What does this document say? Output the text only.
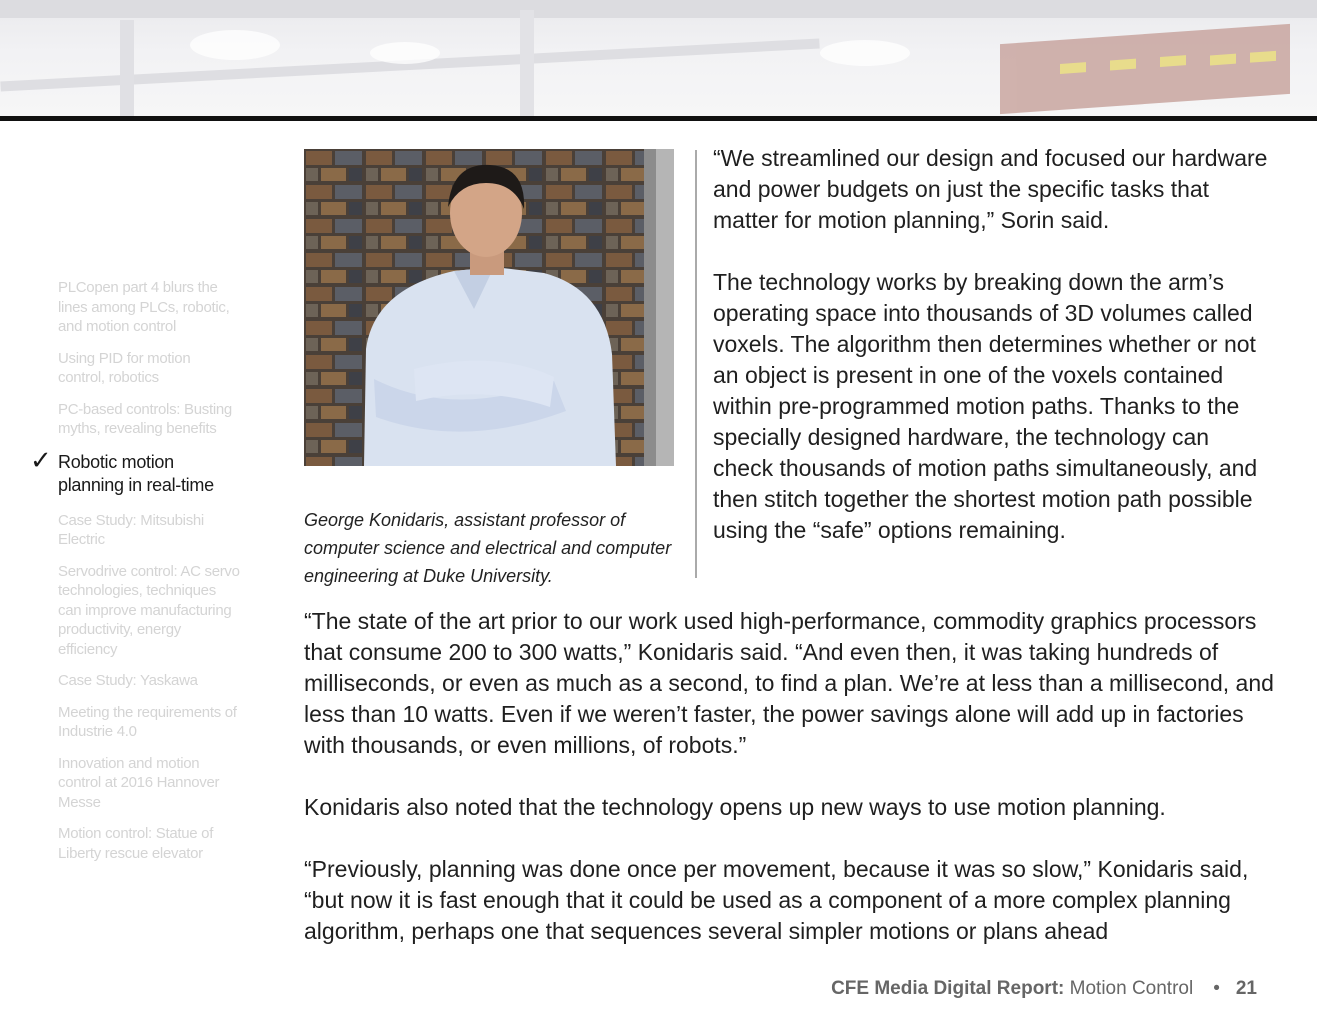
PLCopen part 4 blurs the lines among PLCs, robotic, and motion control
Using PID for motion control, robotics
PC-based controls: Busting myths, revealing benefits
✓ Robotic motion planning in real-time
Case Study: Mitsubishi Electric
Servodrive control: AC servo technologies, techniques can improve manufacturing productivity, energy efficiency
Case Study: Yaskawa
Meeting the requirements of Industrie 4.0
Innovation and motion control at 2016 Hannover Messe
Motion control: Statue of Liberty rescue elevator

George Konidaris, assistant professor of computer science and electrical and computer engineering at Duke University.

“We streamlined our design and focused our hardware and power budgets on just the specific tasks that matter for motion planning,” Sorin said.

The technology works by breaking down the arm’s operating space into thousands of 3D volumes called voxels. The algorithm then determines whether or not an object is present in one of the voxels contained within pre-programmed motion paths. Thanks to the specially designed hardware, the technology can check thousands of motion paths simultaneously, and then stitch together the shortest motion path possible using the “safe” options remaining.

“The state of the art prior to our work used high-performance, commodity graphics processors that consume 200 to 300 watts,” Konidaris said. “And even then, it was taking hundreds of milliseconds, or even as much as a second, to find a plan. We’re at less than a millisecond, and less than 10 watts. Even if we weren’t faster, the power savings alone will add up in factories with thousands, or even millions, of robots.”

Konidaris also noted that the technology opens up new ways to use motion planning.

“Previously, planning was done once per movement, because it was so slow,” Konidaris said, “but now it is fast enough that it could be used as a component of a more complex planning algorithm, perhaps one that sequences several simpler motions or plans ahead

CFE Media Digital Report: Motion Control • 21
